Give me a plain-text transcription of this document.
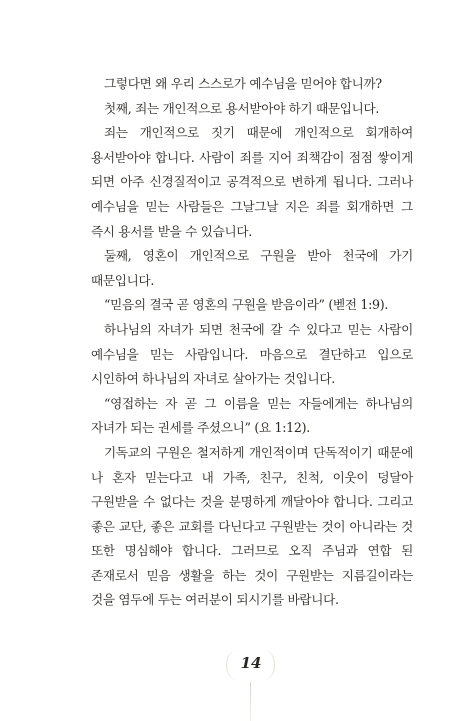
그렇다면 왜 우리 스스로가 예수님을 믿어야 합니까?

첫째, 죄는 개인적으로 용서받아야 하기 때문입니다.

죄는 개인적으로 짓기 때문에 개인적으로 회개하여 용서받아야 합니다. 사람이 죄를 지어 죄책감이 점점 쌓이게 되면 아주 신경질적이고 공격적으로 변하게 됩니다. 그러나 예수님을 믿는 사람들은 그날그날 지은 죄를 회개하면 그 즉시 용서를 받을 수 있습니다.

둘째, 영혼이 개인적으로 구원을 받아 천국에 가기 때문입니다.

“믿음의 결국 곧 영혼의 구원을 받음이라” (벧전 1:9).

하나님의 자녀가 되면 천국에 갈 수 있다고 믿는 사람이 예수님을 믿는 사람입니다. 마음으로 결단하고 입으로 시인하여 하나님의 자녀로 살아가는 것입니다.

“영접하는 자 곧 그 이름을 믿는 자들에게는 하나님의 자녀가 되는 권세를 주셨으니” (요 1:12).

기독교의 구원은 철저하게 개인적이며 단독적이기 때문에 나 혼자 믿는다고 내 가족, 친구, 친척, 이웃이 덩달아 구원받을 수 없다는 것을 분명하게 깨달아야 합니다. 그리고 좋은 교단, 좋은 교회를 다닌다고 구원받는 것이 아니라는 것 또한 명심해야 합니다. 그러므로 오직 주님과 연합 된 존재로서 믿음 생활을 하는 것이 구원받는 지름길이라는 것을 염두에 두는 여러분이 되시기를 바랍니다.

14
